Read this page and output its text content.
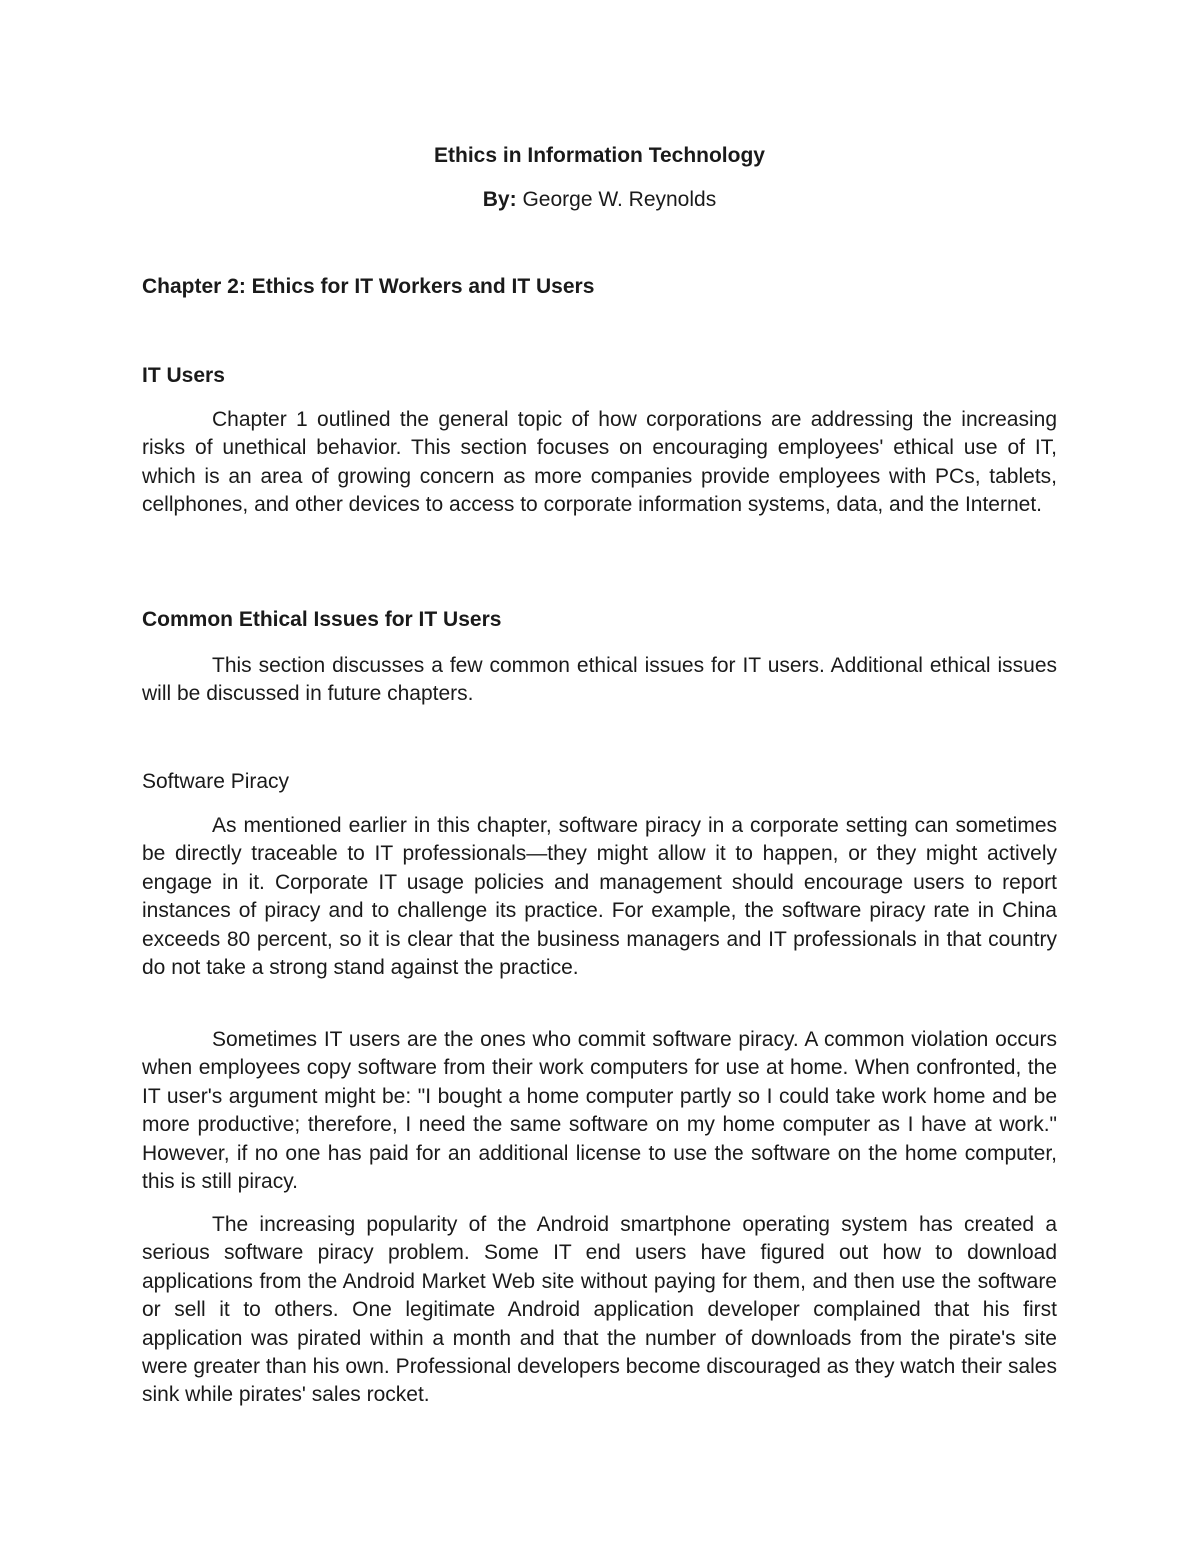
Ethics in Information Technology

By: George W. Reynolds

Chapter 2: Ethics for IT Workers and IT Users
IT Users

Chapter 1 outlined the general topic of how corporations are addressing the increasing risks of unethical behavior. This section focuses on encouraging employees' ethical use of IT, which is an area of growing concern as more companies provide employees with PCs, tablets, cellphones, and other devices to access to corporate information systems, data, and the Internet.

Common Ethical Issues for IT Users

This section discusses a few common ethical issues for IT users. Additional ethical issues will be discussed in future chapters.

Software Piracy

As mentioned earlier in this chapter, software piracy in a corporate setting can sometimes be directly traceable to IT professionals—they might allow it to happen, or they might actively engage in it. Corporate IT usage policies and management should encourage users to report instances of piracy and to challenge its practice. For example, the software piracy rate in China exceeds 80 percent, so it is clear that the business managers and IT professionals in that country do not take a strong stand against the practice.

Sometimes IT users are the ones who commit software piracy. A common violation occurs when employees copy software from their work computers for use at home. When confronted, the IT user's argument might be: "I bought a home computer partly so I could take work home and be more productive; therefore, I need the same software on my home computer as I have at work." However, if no one has paid for an additional license to use the software on the home computer, this is still piracy.

The increasing popularity of the Android smartphone operating system has created a serious software piracy problem. Some IT end users have figured out how to download applications from the Android Market Web site without paying for them, and then use the software or sell it to others. One legitimate Android application developer complained that his first application was pirated within a month and that the number of downloads from the pirate's site were greater than his own. Professional developers become discouraged as they watch their sales sink while pirates' sales rocket.
